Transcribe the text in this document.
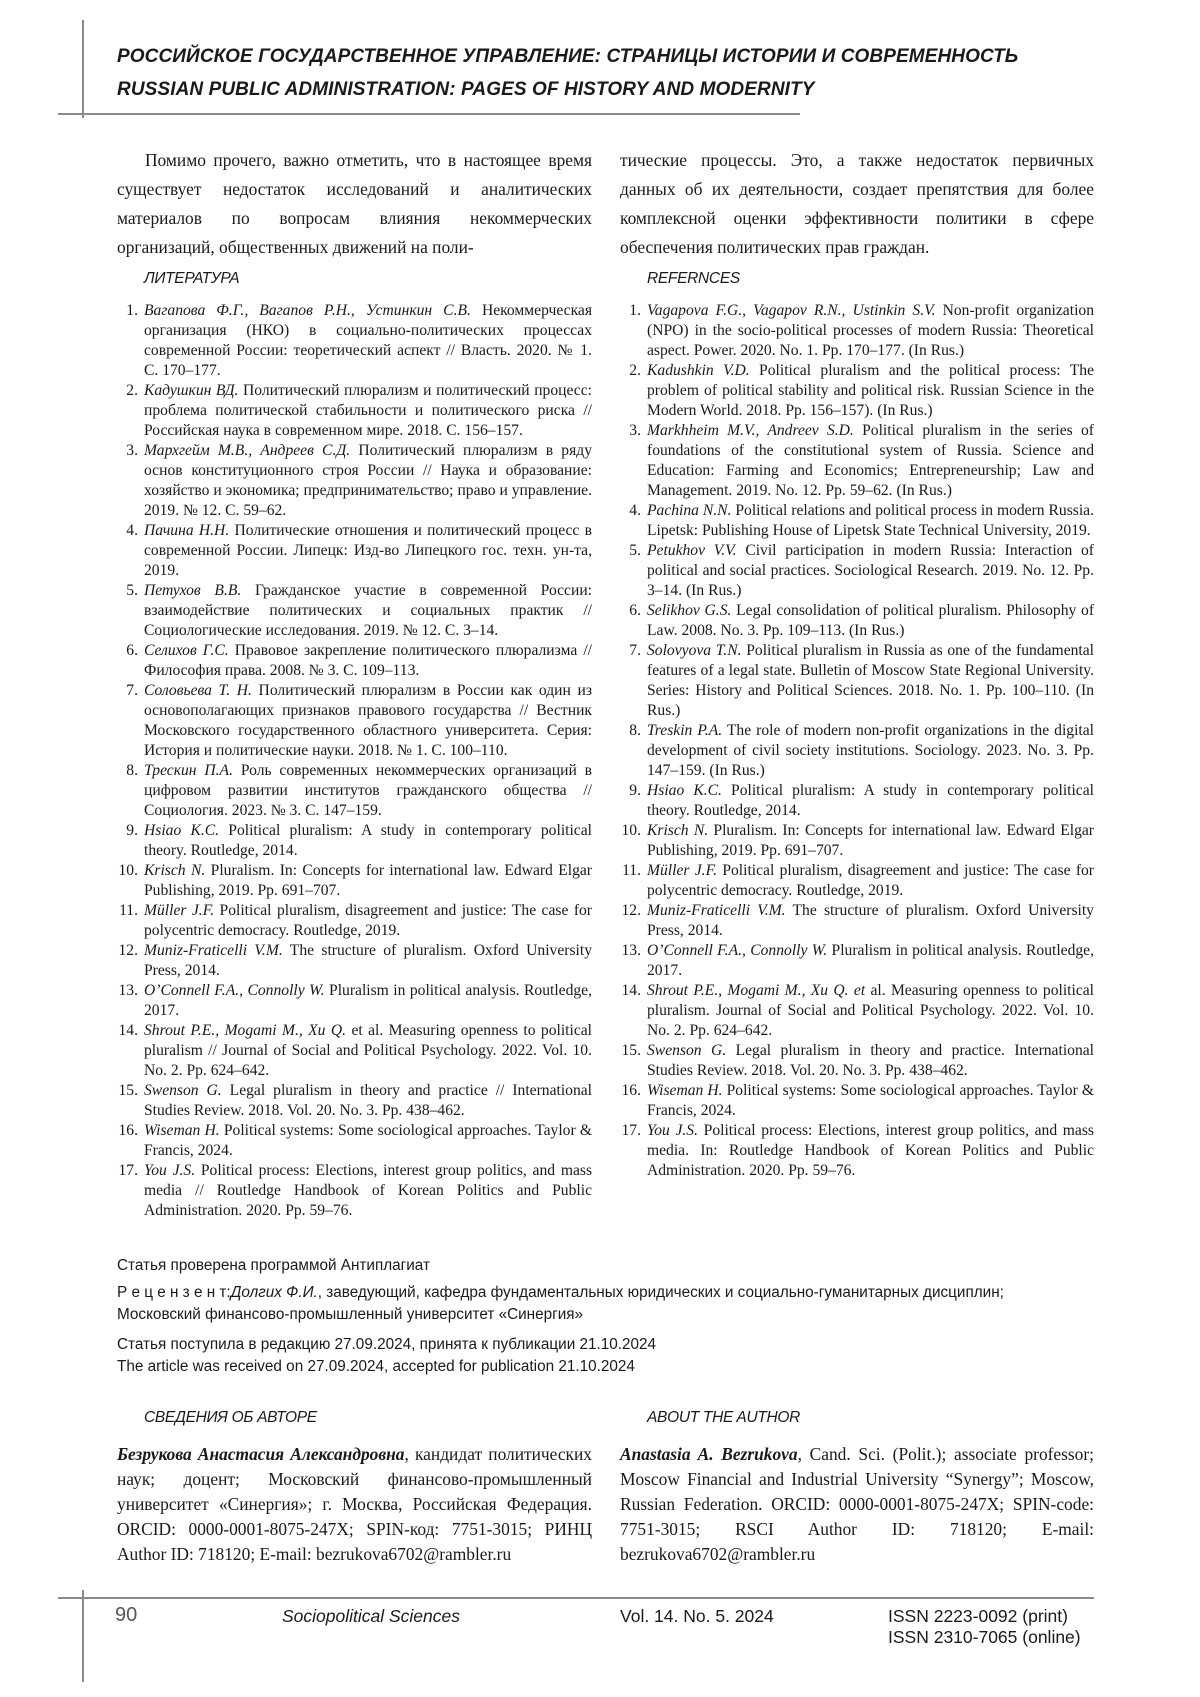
РОССИЙСКОЕ ГОСУДАРСТВЕННОЕ УПРАВЛЕНИЕ: СТРАНИЦЫ ИСТОРИИ И СОВРЕМЕННОСТЬ
RUSSIAN PUBLIC ADMINISTRATION: PAGES OF HISTORY AND MODERNITY

Помимо прочего, важно отметить, что в настоящее время существует недостаток исследований и аналитических материалов по вопросам влияния некоммерческих организаций, общественных движений на поли-

тические процессы. Это, а также недостаток первичных данных об их деятельности, создает препятствия для более комплексной оценки эффективности политики в сфере обеспечения политических прав граждан.

ЛИТЕРАТУРА
1. Вагапова Ф.Г., Вагапов Р.Н., Устинкин С.В. Некоммерческая организация (НКО) в социально-политических процессах современной России: теоретический аспект // Власть. 2020. № 1. С. 170–177.
2. Кадушкин ВД. Политический плюрализм и политический процесс: проблема политической стабильности и политического риска // Российская наука в современном мире. 2018. С. 156–157.
3. Мархгейм М.В., Андреев С.Д. Политический плюрализм в ряду основ конституционного строя России // Наука и образование: хозяйство и экономика; предпринимательство; право и управление. 2019. № 12. С. 59–62.
4. Пачина Н.Н. Политические отношения и политический процесс в современной России. Липецк: Изд-во Липецкого гос. техн. ун-та, 2019.
5. Петухов В.В. Гражданское участие в современной России: взаимодействие политических и социальных практик // Социологические исследования. 2019. № 12. С. 3–14.
6. Селихов Г.С. Правовое закрепление политического плюрализма // Философия права. 2008. № 3. С. 109–113.
7. Соловьева Т. Н. Политический плюрализм в России как один из основополагающих признаков правового государства // Вестник Московского государственного областного университета. Серия: История и политические науки. 2018. № 1. С. 100–110.
8. Трескин П.А. Роль современных некоммерческих организаций в цифровом развитии институтов гражданского общества // Социология. 2023. № 3. С. 147–159.
9. Hsiao K.C. Political pluralism: A study in contemporary political theory. Routledge, 2014.
10. Krisch N. Pluralism. In: Concepts for international law. Edward Elgar Publishing, 2019. Pp. 691–707.
11. Müller J.F. Political pluralism, disagreement and justice: The case for polycentric democracy. Routledge, 2019.
12. Muniz-Fraticelli V.M. The structure of pluralism. Oxford University Press, 2014.
13. O’Connell F.A., Connolly W. Pluralism in political analysis. Routledge, 2017.
14. Shrout P.E., Mogami M., Xu Q. et al. Measuring openness to political pluralism // Journal of Social and Political Psychology. 2022. Vol. 10. No. 2. Pp. 624–642.
15. Swenson G. Legal pluralism in theory and practice // International Studies Review. 2018. Vol. 20. No. 3. Pp. 438–462.
16. Wiseman H. Political systems: Some sociological approaches. Taylor & Francis, 2024.
17. You J.S. Political process: Elections, interest group politics, and mass media // Routledge Handbook of Korean Politics and Public Administration. 2020. Pp. 59–76.
REFERNCES
1. Vagapova F.G., Vagapov R.N., Ustinkin S.V. Non-profit organization (NPO) in the socio-political processes of modern Russia: Theoretical aspect. Power. 2020. No. 1. Pp. 170–177. (In Rus.)
2. Kadushkin V.D. Political pluralism and the political process: The problem of political stability and political risk. Russian Science in the Modern World. 2018. Pp. 156–157). (In Rus.)
3. Markhheim M.V., Andreev S.D. Political pluralism in the series of foundations of the constitutional system of Russia. Science and Education: Farming and Economics; Entrepreneurship; Law and Management. 2019. No. 12. Pp. 59–62. (In Rus.)
4. Pachina N.N. Political relations and political process in modern Russia. Lipetsk: Publishing House of Lipetsk State Technical University, 2019.
5. Petukhov V.V. Civil participation in modern Russia: Interaction of political and social practices. Sociological Research. 2019. No. 12. Pp. 3–14. (In Rus.)
6. Selikhov G.S. Legal consolidation of political pluralism. Philosophy of Law. 2008. No. 3. Pp. 109–113. (In Rus.)
7. Solovyova T.N. Political pluralism in Russia as one of the fundamental features of a legal state. Bulletin of Moscow State Regional University. Series: History and Political Sciences. 2018. No. 1. Pp. 100–110. (In Rus.)
8. Treskin P.A. The role of modern non-profit organizations in the digital development of civil society institutions. Sociology. 2023. No. 3. Pp. 147–159. (In Rus.)
9. Hsiao K.C. Political pluralism: A study in contemporary political theory. Routledge, 2014.
10. Krisch N. Pluralism. In: Concepts for international law. Edward Elgar Publishing, 2019. Pp. 691–707.
11. Müller J.F. Political pluralism, disagreement and justice: The case for polycentric democracy. Routledge, 2019.
12. Muniz-Fraticelli V.M. The structure of pluralism. Oxford University Press, 2014.
13. O’Connell F.A., Connolly W. Pluralism in political analysis. Routledge, 2017.
14. Shrout P.E., Mogami M., Xu Q. et al. Measuring openness to political pluralism. Journal of Social and Political Psychology. 2022. Vol. 10. No. 2. Pp. 624–642.
15. Swenson G. Legal pluralism in theory and practice. International Studies Review. 2018. Vol. 20. No. 3. Pp. 438–462.
16. Wiseman H. Political systems: Some sociological approaches. Taylor & Francis, 2024.
17. You J.S. Political process: Elections, interest group politics, and mass media. In: Routledge Handbook of Korean Politics and Public Administration. 2020. Pp. 59–76.
Статья проверена программой Антиплагиат
Р е ц е н з е н т:Долгих Ф.И., заведующий, кафедра фундаментальных юридических и социально-гуманитарных дисциплин;
Московский финансово-промышленный университет «Синергия»
Статья поступила в редакцию 27.09.2024, принята к публикации 21.10.2024
The article was received on 27.09.2024, accepted for publication 21.10.2024
СВЕДЕНИЯ ОБ АВТОРЕ	ABOUT THE AUTHOR

Безрукова Анастасия Александровна, кандидат политических наук; доцент; Московский финансово-промышленный университет «Синергия»; г. Москва, Российская Федерация. ORCID: 0000-0001-8075-247X; SPIN-код: 7751-3015; РИНЦ Author ID: 718120; E-mail: bezrukova6702@rambler.ru

Anastasia A. Bezrukova, Cand. Sci. (Polit.); associate professor; Moscow Financial and Industrial University “Synergy”; Moscow, Russian Federation. ORCID: 0000-0001-8075-247X; SPIN-code: 7751-3015; RSCI Author ID: 718120; E-mail: bezrukova6702@rambler.ru

90	Sociopolitical Sciences	Vol. 14. No. 5. 2024	ISSN 2223-0092 (print)
ISSN 2310-7065 (online)
